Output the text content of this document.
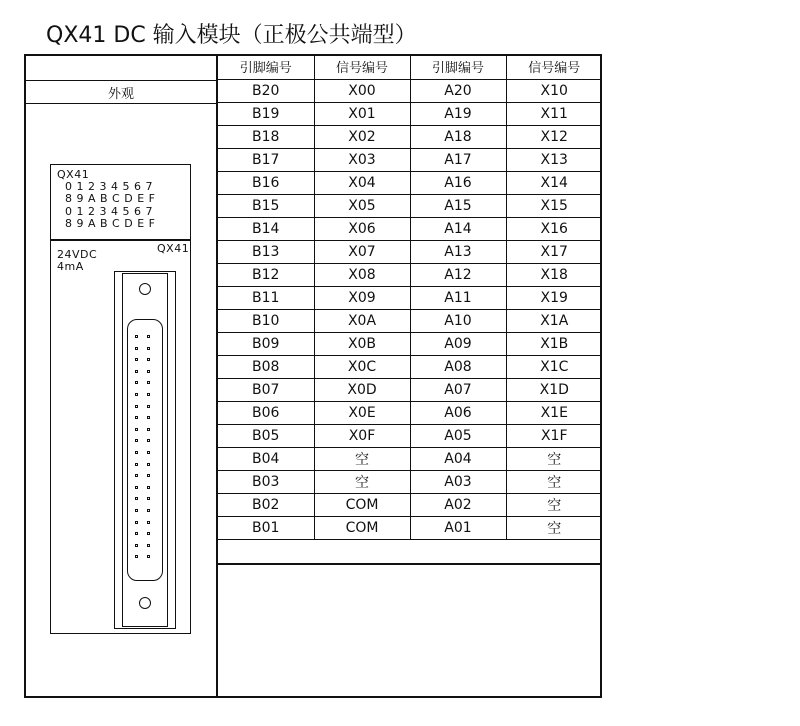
QX41 DC 输入模块（正极公共端型）
外观
QX41
0 1 2 3 4 5 6 7
8 9 A B C D E F
0 1 2 3 4 5 6 7
8 9 A B C D E F
QX41
24VDC
4mA
引脚编号	信号编号	引脚编号	信号编号
B20	X00	A20	X10
B19	X01	A19	X11
B18	X02	A18	X12
B17	X03	A17	X13
B16	X04	A16	X14
B15	X05	A15	X15
B14	X06	A14	X16
B13	X07	A13	X17
B12	X08	A12	X18
B11	X09	A11	X19
B10	X0A	A10	X1A
B09	X0B	A09	X1B
B08	X0C	A08	X1C
B07	X0D	A07	X1D
B06	X0E	A06	X1E
B05	X0F	A05	X1F
B04	空	A04	空
B03	空	A03	空
B02	COM	A02	空
B01	COM	A01	空
